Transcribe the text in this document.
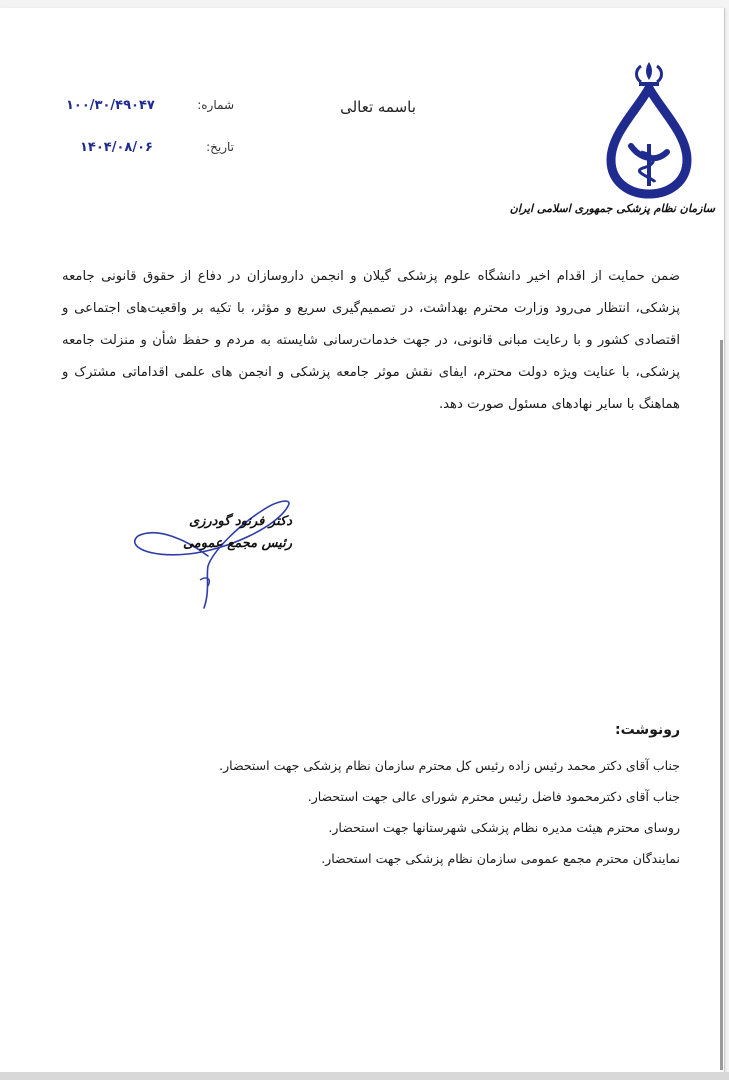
سازمان نظام پزشکی جمهوری اسلامی ایران
باسمه تعالی
شماره:
۱۰۰/۳۰/۴۹۰۴۷
تاریخ:
۱۴۰۴/۰۸/۰۶
ضمن حمایت از اقدام اخیر دانشگاه علوم پزشکی گیلان و انجمن داروسازان در دفاع از حقوق قانونی جامعه پزشکی، انتظار می‌رود وزارت محترم بهداشت، در تصمیم‌گیری سریع و مؤثر، با تکیه بر واقعیت‌های اجتماعی و اقتصادی کشور و با رعایت مبانی قانونی، در جهت خدمات‌رسانی شایسته به مردم و حفظ شأن و منزلت جامعه پزشکی، با عنایت ویژه دولت محترم، ایفای نقش موثر جامعه پزشکی و انجمن های علمی اقداماتی مشترک و هماهنگ با سایر نهادهای مسئول صورت دهد.
دکتر فرنود گودرزی
رئیس مجمع عمومی
رونوشت:
جناب آقای دکتر محمد رئیس زاده رئیس کل محترم سازمان نظام پزشکی جهت استحضار.
جناب آقای دکترمحمود فاضل رئیس محترم شورای عالی جهت استحضار.
روسای محترم هیئت مدیره نظام پزشکی شهرستانها جهت استحضار.
نمایندگان محترم مجمع عمومی سازمان نظام پزشکی جهت استحضار.
